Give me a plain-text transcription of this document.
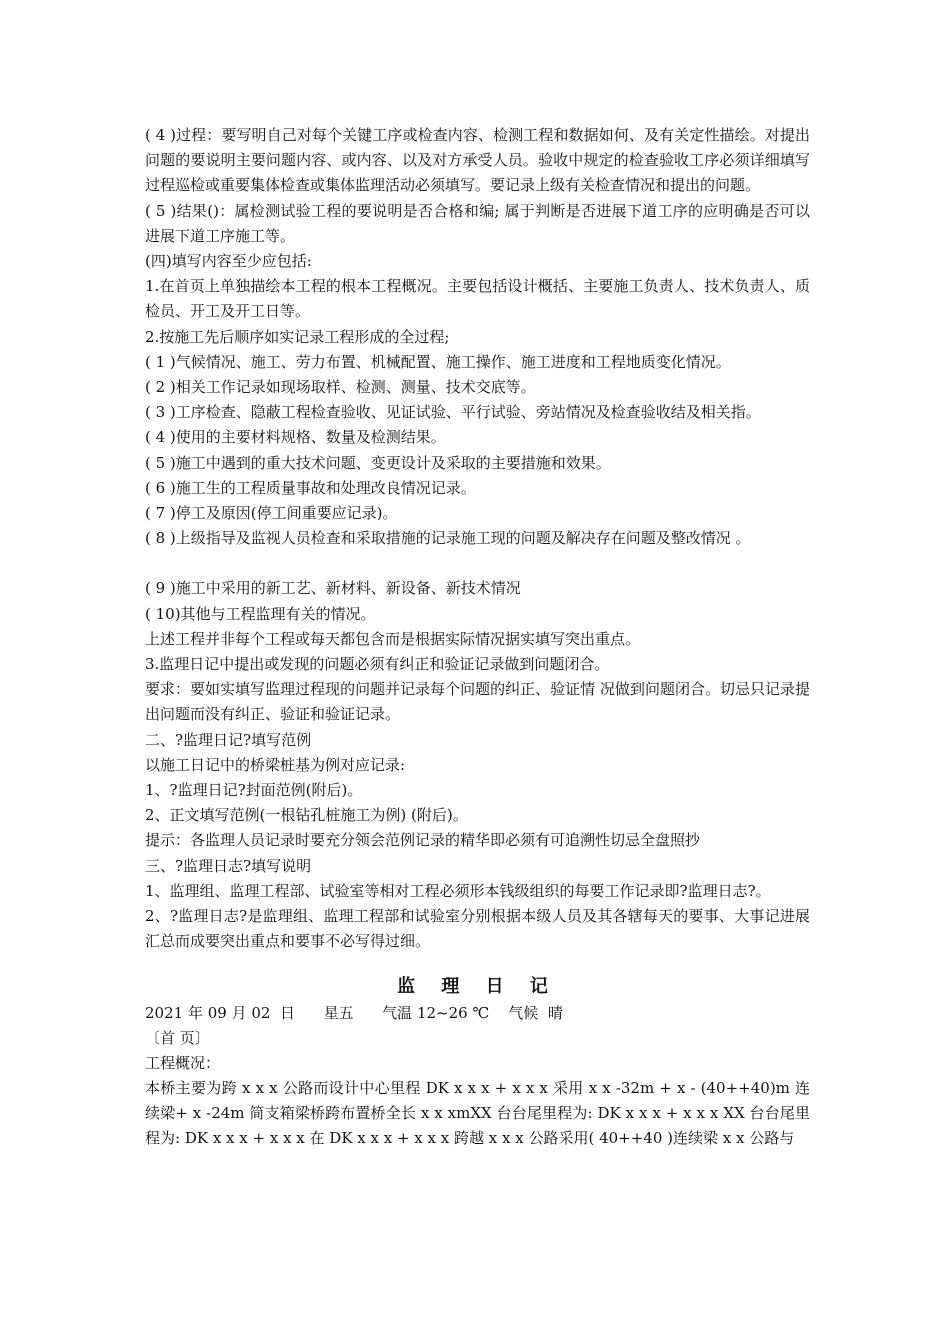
( 4 )过程：要写明自己对每个关键工序或检查内容、检测工程和数据如何、及有关定性描绘。对提出问题的要说明主要问题内容、或内容、以及对方承受人员。验收中规定的检查验收工序必须详细填写过程巡检或重要集体检查或集体监理活动必须填写。要记录上级有关检查情况和提出的问题。

( 5 )结果()：属检测试验工程的要说明是否合格和编; 属于判断是否进展下道工序的应明确是否可以进展下道工序施工等。

(四)填写内容至少应包括:

1.在首页上单独描绘本工程的根本工程概况。主要包括设计概括、主要施工负责人、技术负责人、质检员、开工及开工日等。

2.按施工先后顺序如实记录工程形成的全过程;

( 1 )气候情况、施工、劳力布置、机械配置、施工操作、施工进度和工程地质变化情况。

( 2 )相关工作记录如现场取样、检测、测量、技术交底等。

( 3 )工序检查、隐蔽工程检查验收、见证试验、平行试验、旁站情况及检查验收结及相关指。

( 4 )使用的主要材料规格、数量及检测结果。

( 5 )施工中遇到的重大技术问题、变更设计及采取的主要措施和效果。

( 6 )施工生的工程质量事故和处理改良情况记录。

( 7 )停工及原因(停工间重要应记录)。

( 8 )上级指导及监视人员检查和采取措施的记录施工现的问题及解决存在问题及整改情况 。

( 9 )施工中采用的新工艺、新材料、新设备、新技术情况

( 10)其他与工程监理有关的情况。

上述工程并非每个工程或每天都包含而是根据实际情况据实填写突出重点。

3.监理日记中提出或发现的问题必须有纠正和验证记录做到问题闭合。

要求：要如实填写监理过程现的问题并记录每个问题的纠正、验证情 况做到问题闭合。切忌只记录提出问题而没有纠正、验证和验证记录。

二、?监理日记?填写范例

以施工日记中的桥梁桩基为例对应记录:

1、?监理日记?封面范例(附后)。

2、正文填写范例(一根钻孔桩施工为例) (附后)。

提示：各监理人员记录时要充分领会范例记录的精华即必须有可追溯性切忌全盘照抄

三、?监理日志?填写说明

1、监理组、监理工程部、试验室等相对工程必须形本钱级组织的每要工作记录即?监理日志?。

2、?监理日志?是监理组、监理工程部和试验室分别根据本级人员及其各辖每天的要事、大事记进展汇总而成要突出重点和要事不必写得过细。

监 理 日 记

2021 年 09 月 02  日      星五      气温 12~26 ℃    气候  晴

〔首 页〕

工程概况：

本桥主要为跨 x x x 公路而设计中心里程 DK x x x + x x x 采用 x x -32m + x - (40++40)m 连续梁+ x -24m 简支箱梁桥跨布置桥全长 x x xmXX 台台尾里程为: DK x x x + x x x XX 台台尾里程为: DK x x x + x x x 在 DK x x x + x x x 跨越 x x x 公路采用( 40++40 )连续梁 x x 公路与
